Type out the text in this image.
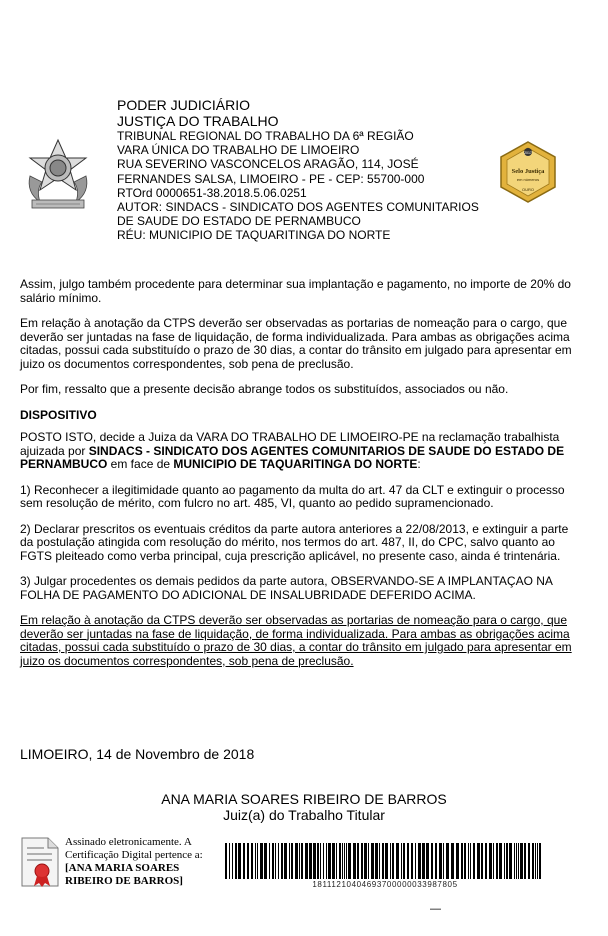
PODER JUDICIÁRIO
JUSTIÇA DO TRABALHO
TRIBUNAL REGIONAL DO TRABALHO DA 6ª REGIÃO
VARA ÚNICA DO TRABALHO DE LIMOEIRO
RUA SEVERINO VASCONCELOS ARAGÃO, 114, JOSÉ
FERNANDES SALSA, LIMOEIRO - PE - CEP: 55700-000
RTOrd 0000651-38.2018.5.06.0251
AUTOR: SINDACS - SINDICATO DOS AGENTES COMUNITARIOS
DE SAUDE DO ESTADO DE PERNAMBUCO
RÉU: MUNICIPIO DE TAQUARITINGA DO NORTE
2017
Selo Justiça
em números
OURO

Assim, julgo também procedente para determinar sua implantação e pagamento, no importe de 20% do salário mínimo.

Em relação à anotação da CTPS deverão ser observadas as portarias de nomeação para o cargo, que deverão ser juntadas na fase de liquidação, de forma individualizada. Para ambas as obrigações acima citadas, possui cada substituído o prazo de 30 dias, a contar do trânsito em julgado para apresentar em juizo os documentos correspondentes, sob pena de preclusão.

Por fim, ressalto que a presente decisão abrange todos os substituídos, associados ou não.

DISPOSITIVO

POSTO ISTO, decide a Juiza da VARA DO TRABALHO DE LIMOEIRO-PE na reclamação trabalhista ajuizada por SINDACS - SINDICATO DOS AGENTES COMUNITARIOS DE SAUDE DO ESTADO DE PERNAMBUCO em face de MUNICIPIO DE TAQUARITINGA DO NORTE:

1) Reconhecer a ilegitimidade quanto ao pagamento da multa do art. 47 da CLT e extinguir o processo sem resolução de mérito, com fulcro no art. 485, VI, quanto ao pedido supramencionado.

2) Declarar prescritos os eventuais créditos da parte autora anteriores a 22/08/2013, e extinguir a parte da postulação atingida com resolução do mérito, nos termos do art. 487, II, do CPC, salvo quanto ao FGTS pleiteado como verba principal, cuja prescrição aplicável, no presente caso, ainda é trintenária.

3) Julgar procedentes os demais pedidos da parte autora, OBSERVANDO-SE A IMPLANTAÇAO NA FOLHA DE PAGAMENTO DO ADICIONAL DE INSALUBRIDADE DEFERIDO ACIMA.

Em relação à anotação da CTPS deverão ser observadas as portarias de nomeação para o cargo, que deverão ser juntadas na fase de liquidação, de forma individualizada. Para ambas as obrigações acima citadas, possui cada substituído o prazo de 30 dias, a contar do trânsito em julgado para apresentar em juizo os documentos correspondentes, sob pena de preclusão.

LIMOEIRO, 14 de Novembro de 2018
ANA MARIA SOARES RIBEIRO DE BARROS
Juiz(a) do Trabalho Titular
Assinado eletronicamente. A Certificação Digital pertence a:
[ANA MARIA SOARES RIBEIRO DE BARROS]	18111210404693700000033987805
—
